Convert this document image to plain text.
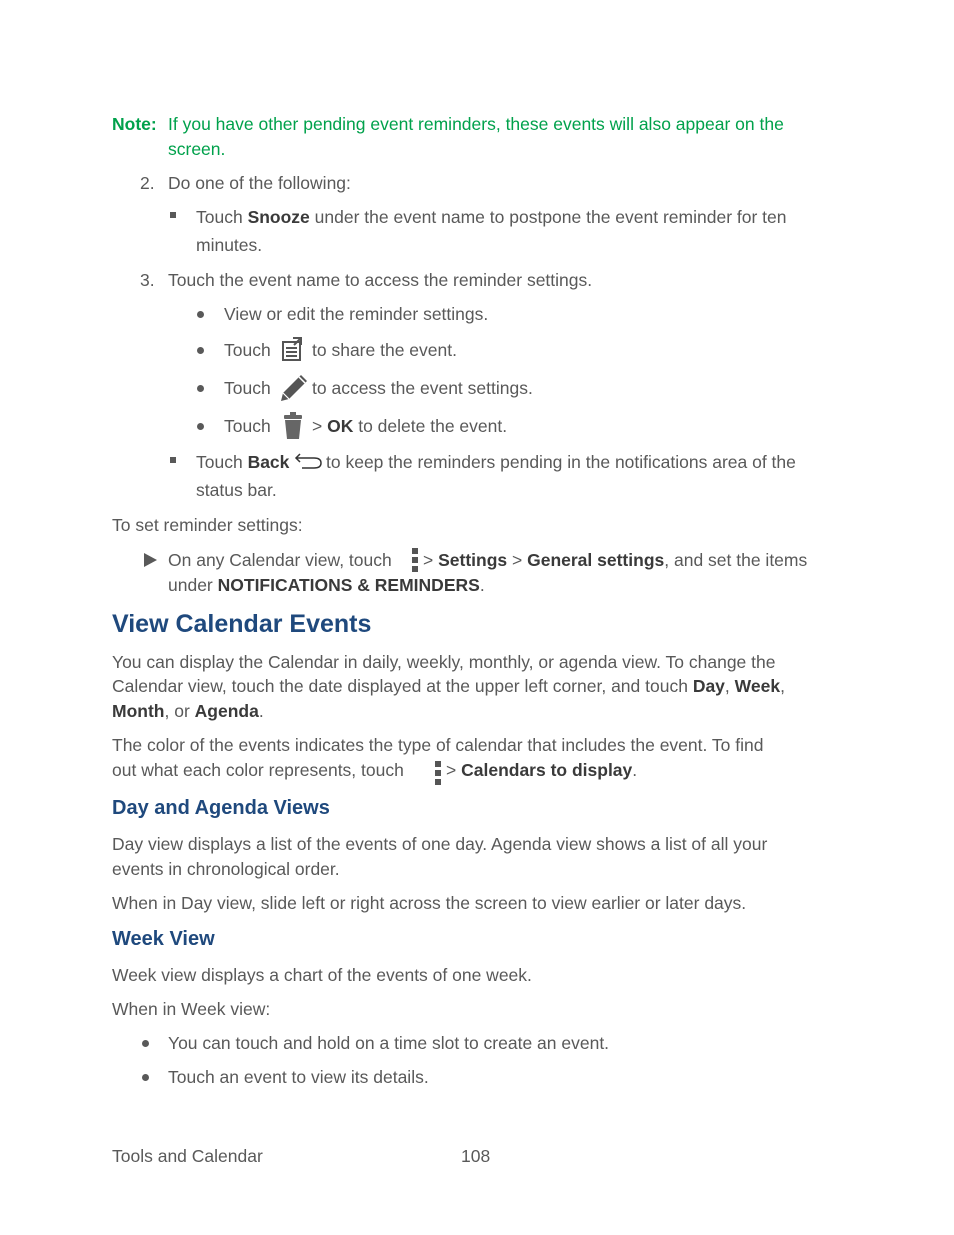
Note: If you have other pending event reminders, these events will also appear on the
screen.
2. Do one of the following:
Touch Snooze under the event name to postpone the event reminder for ten
minutes.
3. Touch the event name to access the reminder settings.
View or edit the reminder settings.
Touch to share the event.
Touch to access the event settings.
Touch > OK to delete the event.
Touch Back to keep the reminders pending in the notifications area of the
status bar.
To set reminder settings:
On any Calendar view, touch > Settings > General settings, and set the items
under NOTIFICATIONS & REMINDERS.
View Calendar Events
You can display the Calendar in daily, weekly, monthly, or agenda view. To change the
Calendar view, touch the date displayed at the upper left corner, and touch Day, Week,
Month, or Agenda.
The color of the events indicates the type of calendar that includes the event. To find
out what each color represents, touch > Calendars to display.
Day and Agenda Views
Day view displays a list of the events of one day. Agenda view shows a list of all your
events in chronological order.
When in Day view, slide left or right across the screen to view earlier or later days.
Week View
Week view displays a chart of the events of one week.
When in Week view:
You can touch and hold on a time slot to create an event.
Touch an event to view its details.
Tools and Calendar	108
